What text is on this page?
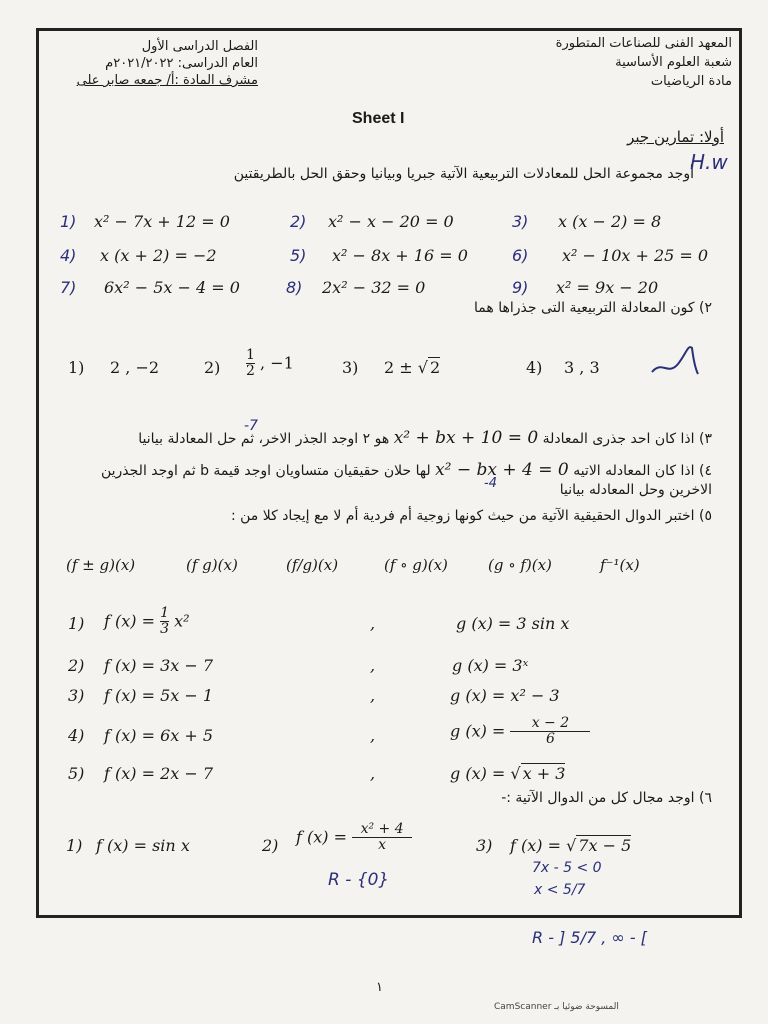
المعهد الفنى للصناعات المتطورة
شعبة العلوم الأساسية
مادة الرياضيات
الفصل الدراسى الأول
العام الدراسى: ٢٠٢١/٢٠٢٢م
مشرف المادة :أ/ جمعه صابر على
Sheet I
أولا: تمارين جبر
أوجد مجموعة الحل للمعادلات التربيعية الآتية جبريا وبيانيا وحقق الحل بالطريقتين
H.w
1) x² − 7x + 12 = 0	2) x² − x − 20 = 0	3) x (x − 2) = 8
4) x (x + 2) = −2	5) x² − 8x + 16 = 0	6) x² − 10x + 25 = 0
7) 6x² − 5x − 4 = 0	8) 2x² − 32 = 0	9) x² = 9x − 20
٢) كون المعادلة التربيعية التى جذراها هما
1) 2 , −2	$2) \frac{1}{2}$ , −1	3) 2 ± √ 2	4) 3 , 3
٣) اذا كان احد جذرى المعادلة x² + bx + 10 = 0 هو ٢ اوجد الجذر الاخر، ثم حل المعادلة بيانيا
-7
٤) اذا كان المعادله الاتيه x² − bx + 4 = 0 لها حلان حقيقيان متساويان اوجد قيمة b ثم اوجد الجذرين
الاخرين وحل المعادله بيانيا
-4
٥) اختبر الدوال الحقيقية الآتية من حيث كونها زوجية أم فردية أم لا مع إيجاد كلا من :
(f ± g)(x)	(f g)(x)	(f/g)(x)	(f ∘ g)(x)	(g ∘ f)(x)	f⁻¹(x)
1) f $(x) = \frac{1}{3} x^2$	,	g (x) = 3 sin x
2) f (x) = 3x − 7	,	g (x) = 3ˣ
3) f (x) = 5x − 1	,	g (x) = x² − 3
4) f (x) = 6x + 5	,	g $(x) = \frac{x - 2}{6}$
5) f (x) = 2x − 7	,	g (x) = √ x + 3
٦) اوجد مجال كل من الدوال الآتية :-
1) f (x) = sin x	2) f $(x) = \frac{\text{x² + 4}}{x}$	3) f (x) = √ 7x − 5
R - {0}
7x - 5 < 0
x < 5/7
R - ] 5/7 , ∞ - [
١
المسوحة ضوئيا بـ CamScanner
